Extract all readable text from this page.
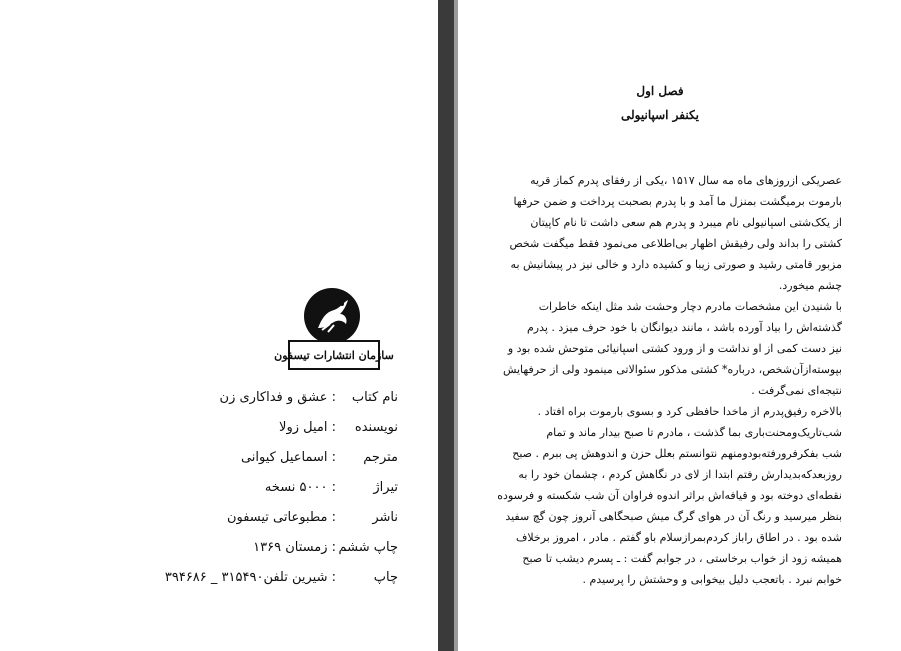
سازمان انتشارات تیسفون
نام کتاب
: عشق و فداکاری زن
نویسنده
: امیل زولا
مترجم
: اسماعیل کیوانی
تیراژ
: ۵۰۰۰ نسخه
ناشر
: مطبوعاتی تیسفون
چاپ ششم
: زمستان ۱۳۶۹
چاپ
: شیرین تلفن۳۱۵۴۹۰ _ ۳۹۴۶۸۶
فصل اول
یکنفر اسپانیولی

عصریکی ازروزهای ماه مه سال ۱۵۱۷ ،یکی از رفقای پدرم کماز قریه

بارموت برمیگشت بمنزل ما آمد و با پدرم بصحبت پرداخت و ضمن حرفها

از یکک‌شتی اسپانیولی نام میبرد و پدرم هم سعی داشت تا نام کاپیتان

کشتی را بداند ولی رفیقش اظهار بی‌اطلاعی می‌نمود فقط میگفت شخص

مزبور قامتی رشید و صورتی زیبا و کشیده دارد و خالی نیز در پیشانیش به

چشم میخورد.

با شنیدن این مشخصات مادرم دچار وحشت شد مثل اینکه خاطرات

گذشته‌اش را بیاد آورده باشد ، مانند دیوانگان با خود حرف میزد . پدرم

نیز دست کمی از او نداشت و از ورود کشتی اسپانیائی متوحش شده بود و

بپوسته‌ازآن‌شخص، درباره* کشتی مذکور سئوالاتی مینمود ولی از حرفهایش

نتیجه‌ای نمی‌گرفت .

بالاخره رفیق‌پدرم از ماخدا حافظی کرد و بسوی بارموت براه افتاد .

شب‌تاریک‌ومحنت‌باری بما گذشت ، مادرم تا صبح بیدار ماند و تمام

شب بفکرفرورفته‌بودومنهم نتوانستم بعلل حزن و اندوهش پی ببرم . صبح

روزبعدکه‌بدیدارش رفتم ابتدا از لای در نگاهش کردم ، چشمان خود را به

نقطه‌ای دوخته بود و قیافه‌اش براثر اندوه فراوان آن شب شکسته و فرسوده

بنظر میرسید و رنگ آن در هوای گرگ میش صبحگاهی آنروز چون گچ سفید

شده بود . در اطاق راباز کردم‌بمرا‌زسلام باو گفتم . مادر ، امروز برخلاف

همیشه زود از خواب برخاستی ، در جوابم گفت : ـ پسرم دیشب تا صبح

خوابم نبرد . باتعجب دلیل بیخوابی و وحشتش را پرسیدم .
